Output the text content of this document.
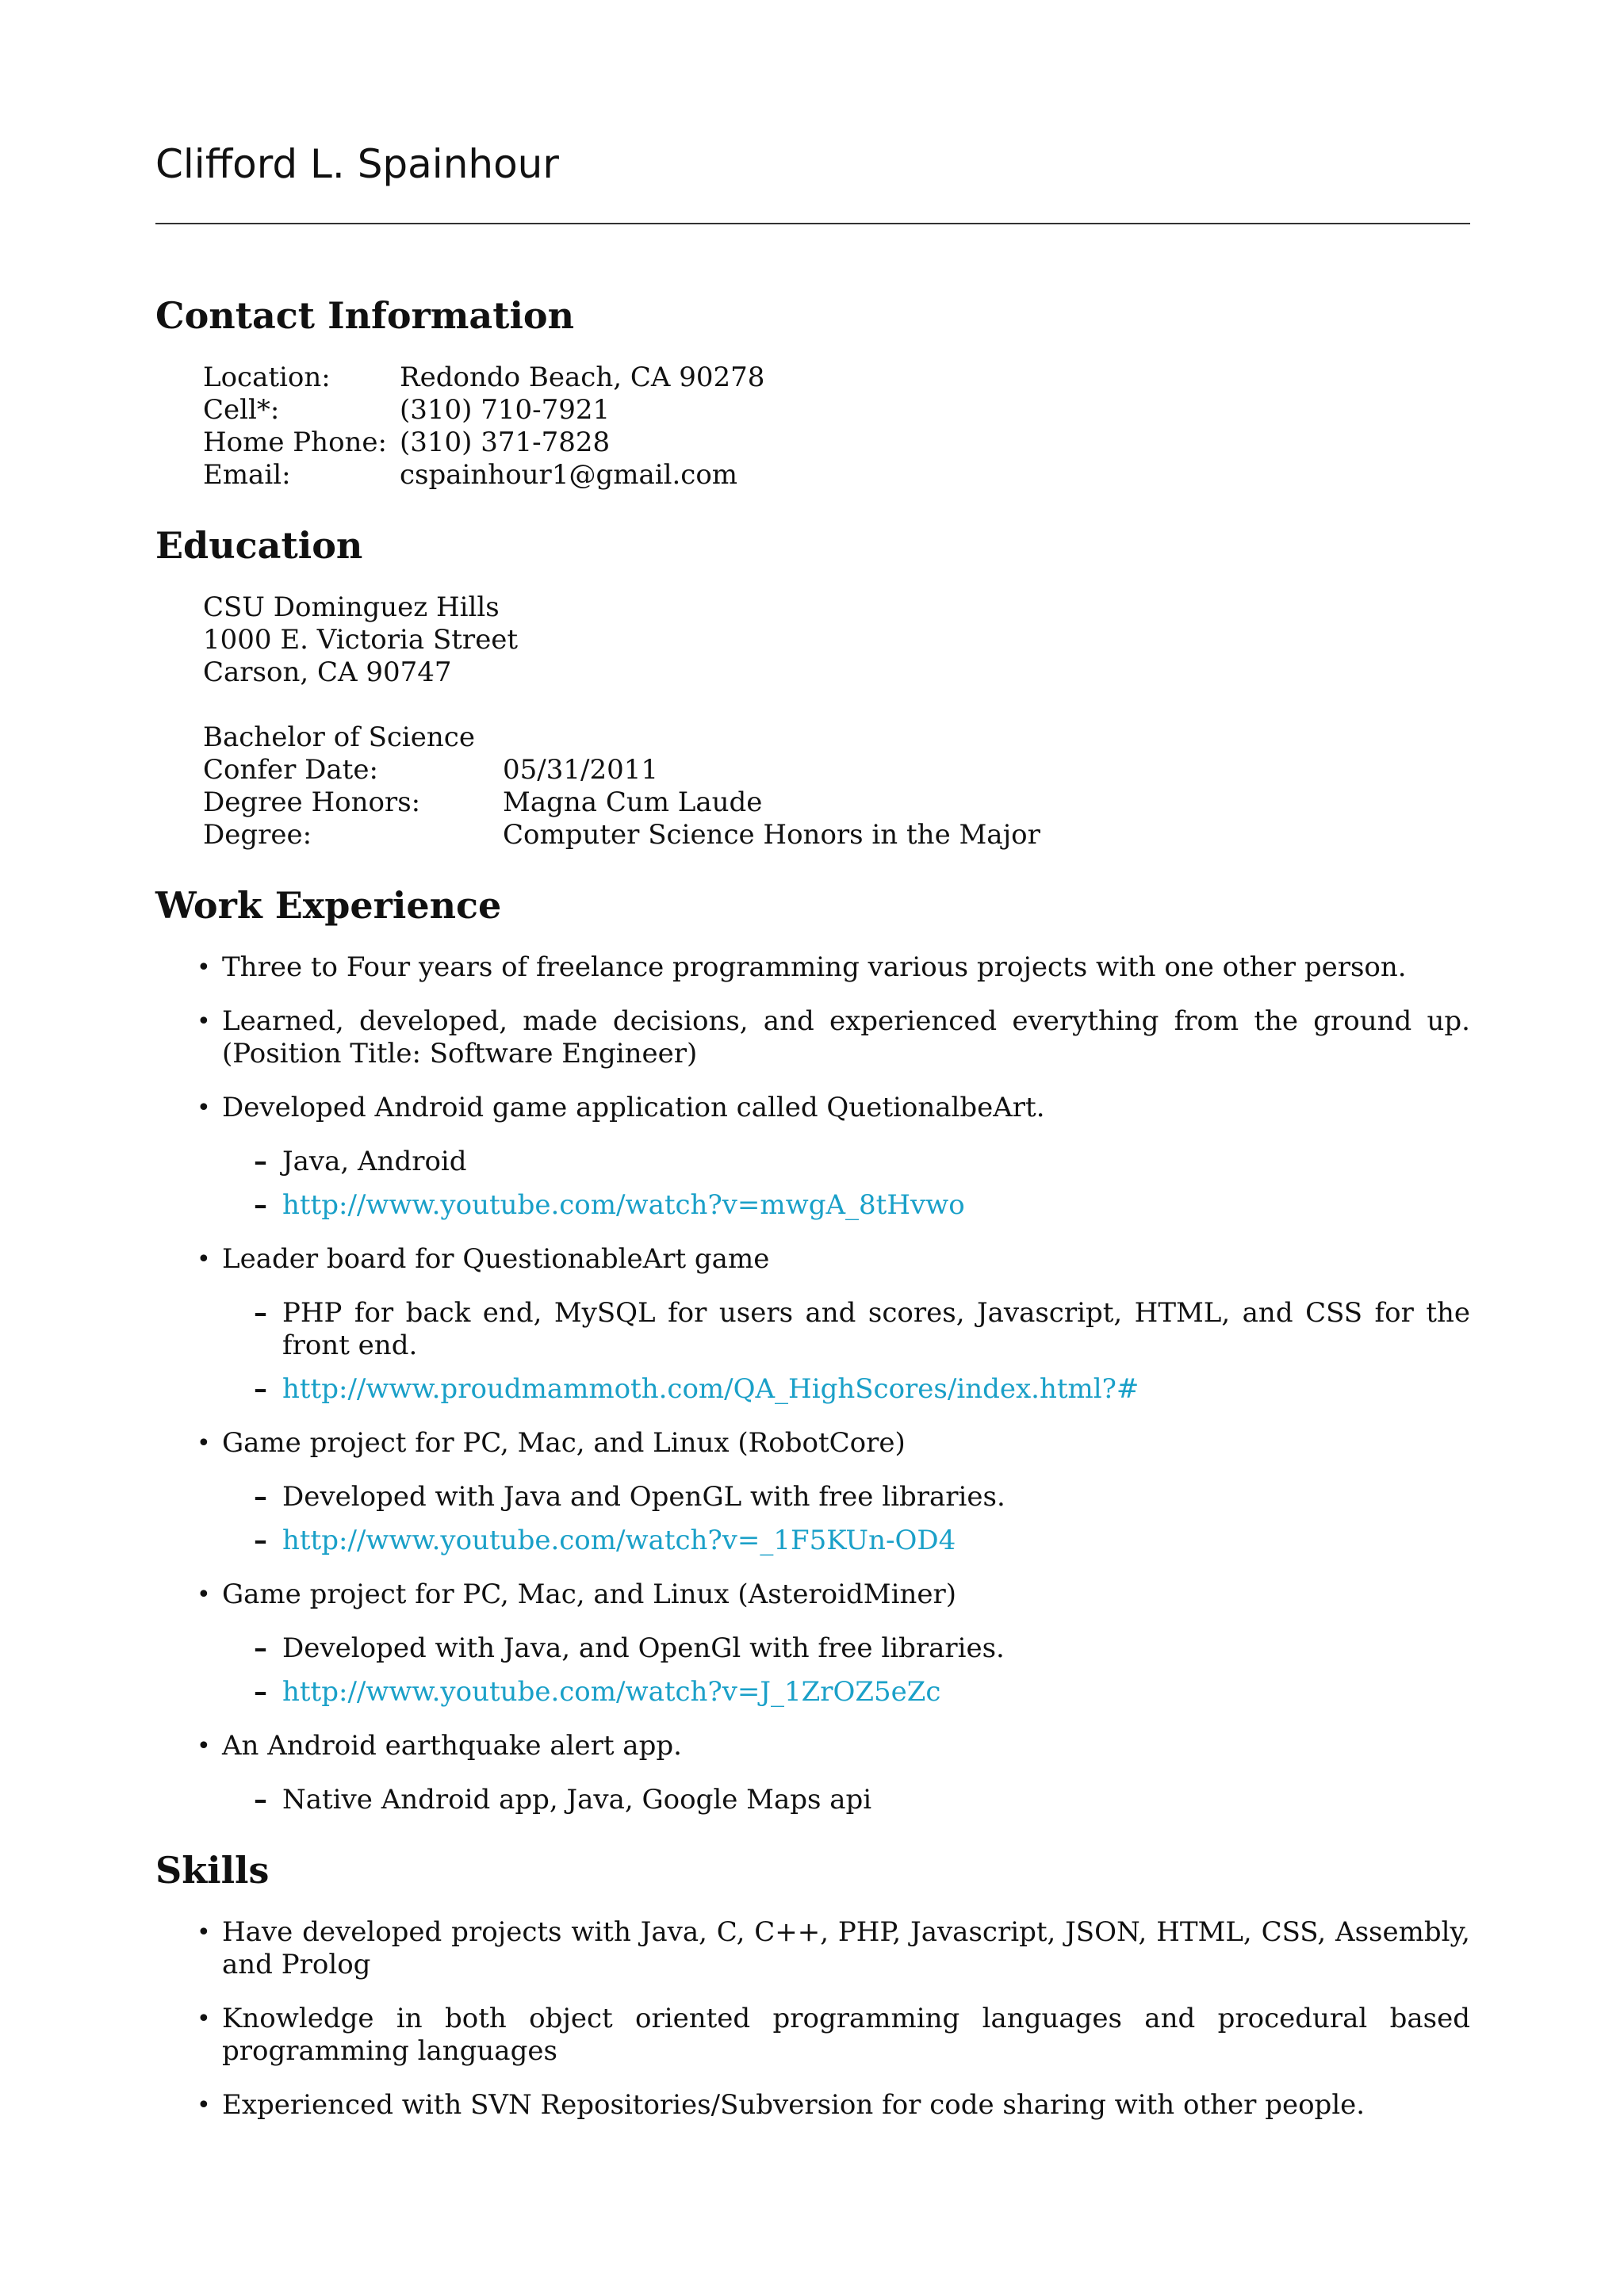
Clifford L. Spainhour
Contact Information
Location:	Redondo Beach, CA 90278
Cell*:	(310) 710-7921
Home Phone: (310) 371-7828
Email:	cspainhour1@gmail.com
Education
CSU Dominguez Hills
1000 E. Victoria Street
Carson, CA 90747
Bachelor of Science
Confer Date:	05/31/2011
Degree Honors:	Magna Cum Laude
Degree:	Computer Science Honors in the Major
Work Experience
• Three to Four years of freelance programming various projects with one other person.
• Learned, developed, made decisions, and experienced everything from the ground up. (Position Title: Software Engineer)
• Developed Android game application called QuetionalbeArt.
– Java, Android
– http://www.youtube.com/watch?v=mwgA_8tHvwo
• Leader board for QuestionableArt game
– PHP for back end, MySQL for users and scores, Javascript, HTML, and CSS for the front end.
– http://www.proudmammoth.com/QA_HighScores/index.html?#
• Game project for PC, Mac, and Linux (RobotCore)
– Developed with Java and OpenGL with free libraries.
– http://www.youtube.com/watch?v=_1F5KUn-OD4
• Game project for PC, Mac, and Linux (AsteroidMiner)
– Developed with Java, and OpenGl with free libraries.
– http://www.youtube.com/watch?v=J_1ZrOZ5eZc
• An Android earthquake alert app.
– Native Android app, Java, Google Maps api
Skills
• Have developed projects with Java, C, C++, PHP, Javascript, JSON, HTML, CSS, Assembly, and Prolog
• Knowledge in both object oriented programming languages and procedural based programming languages
• Experienced with SVN Repositories/Subversion for code sharing with other people.
